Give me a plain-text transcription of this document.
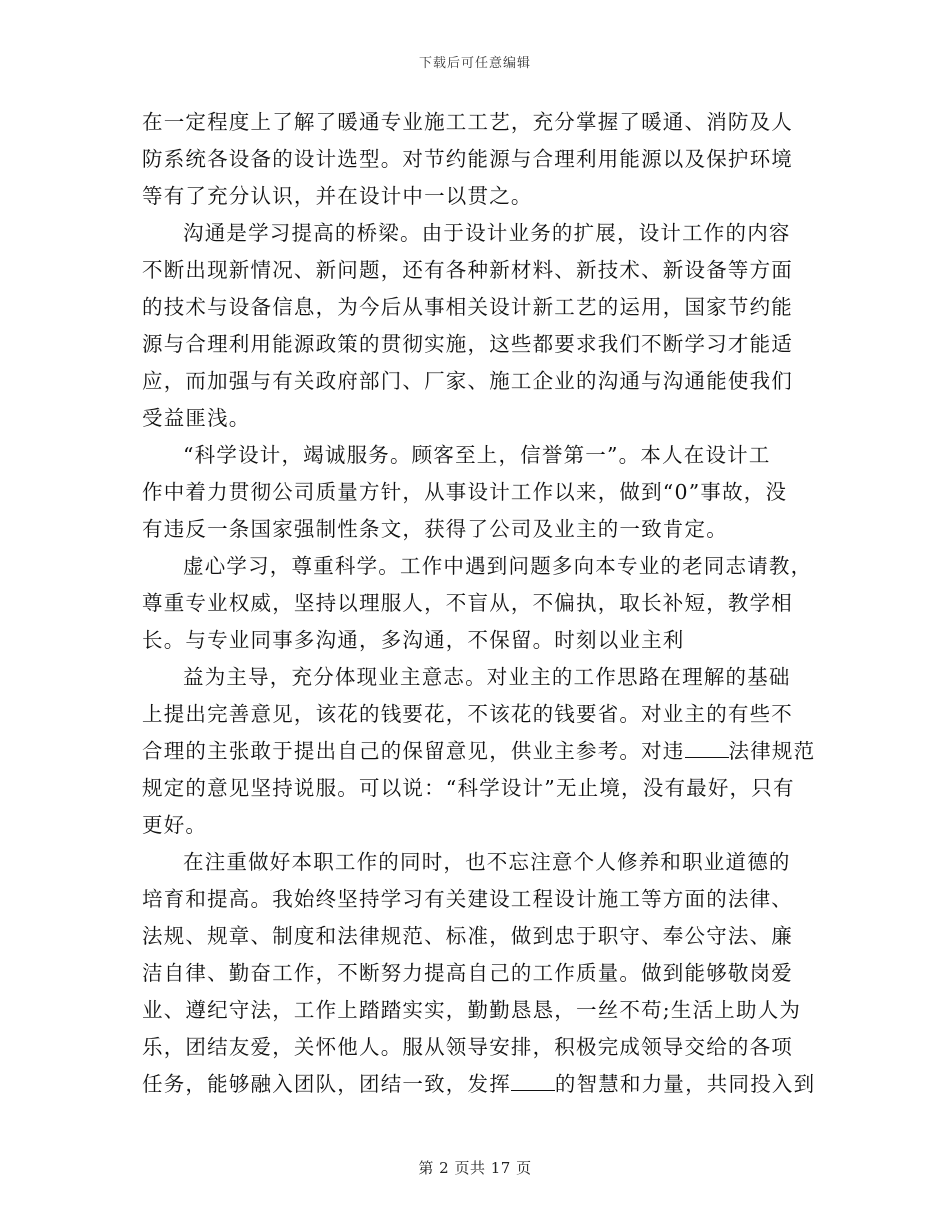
下载后可任意编辑
在一定程度上了解了暖通专业施工工艺，充分掌握了暖通、消防及人
防系统各设备的设计选型。对节约能源与合理利用能源以及保护环境
等有了充分认识，并在设计中一以贯之。
沟通是学习提高的桥梁。由于设计业务的扩展，设计工作的内容
不断出现新情况、新问题，还有各种新材料、新技术、新设备等方面
的技术与设备信息，为今后从事相关设计新工艺的运用，国家节约能
源与合理利用能源政策的贯彻实施，这些都要求我们不断学习才能适
应，而加强与有关政府部门、厂家、施工企业的沟通与沟通能使我们
受益匪浅。
“科学设计，竭诚服务。顾客至上，信誉第一”。本人在设计工
作中着力贯彻公司质量方针，从事设计工作以来，做到“0”事故，没
有违反一条国家强制性条文，获得了公司及业主的一致肯定。
虚心学习，尊重科学。工作中遇到问题多向本专业的老同志请教，
尊重专业权威，坚持以理服人，不盲从，不偏执，取长补短，教学相
长。与专业同事多沟通，多沟通，不保留。时刻以业主利
益为主导，充分体现业主意志。对业主的工作思路在理解的基础
上提出完善意见，该花的钱要花，不该花的钱要省。对业主的有些不
合理的主张敢于提出自己的保留意见，供业主参考。对违 法律规范
规定的意见坚持说服。可以说：“科学设计”无止境，没有最好，只有
更好。
在注重做好本职工作的同时，也不忘注意个人修养和职业道德的
培育和提高。我始终坚持学习有关建设工程设计施工等方面的法律、
法规、规章、制度和法律规范、标准，做到忠于职守、奉公守法、廉
洁自律、勤奋工作，不断努力提高自己的工作质量。做到能够敬岗爱
业、遵纪守法，工作上踏踏实实，勤勤恳恳，一丝不苟;生活上助人为
乐，团结友爱，关怀他人。服从领导安排，积极完成领导交给的各项
任务，能够融入团队，团结一致，发挥 的智慧和力量，共同投入到
第 2 页共 17 页
